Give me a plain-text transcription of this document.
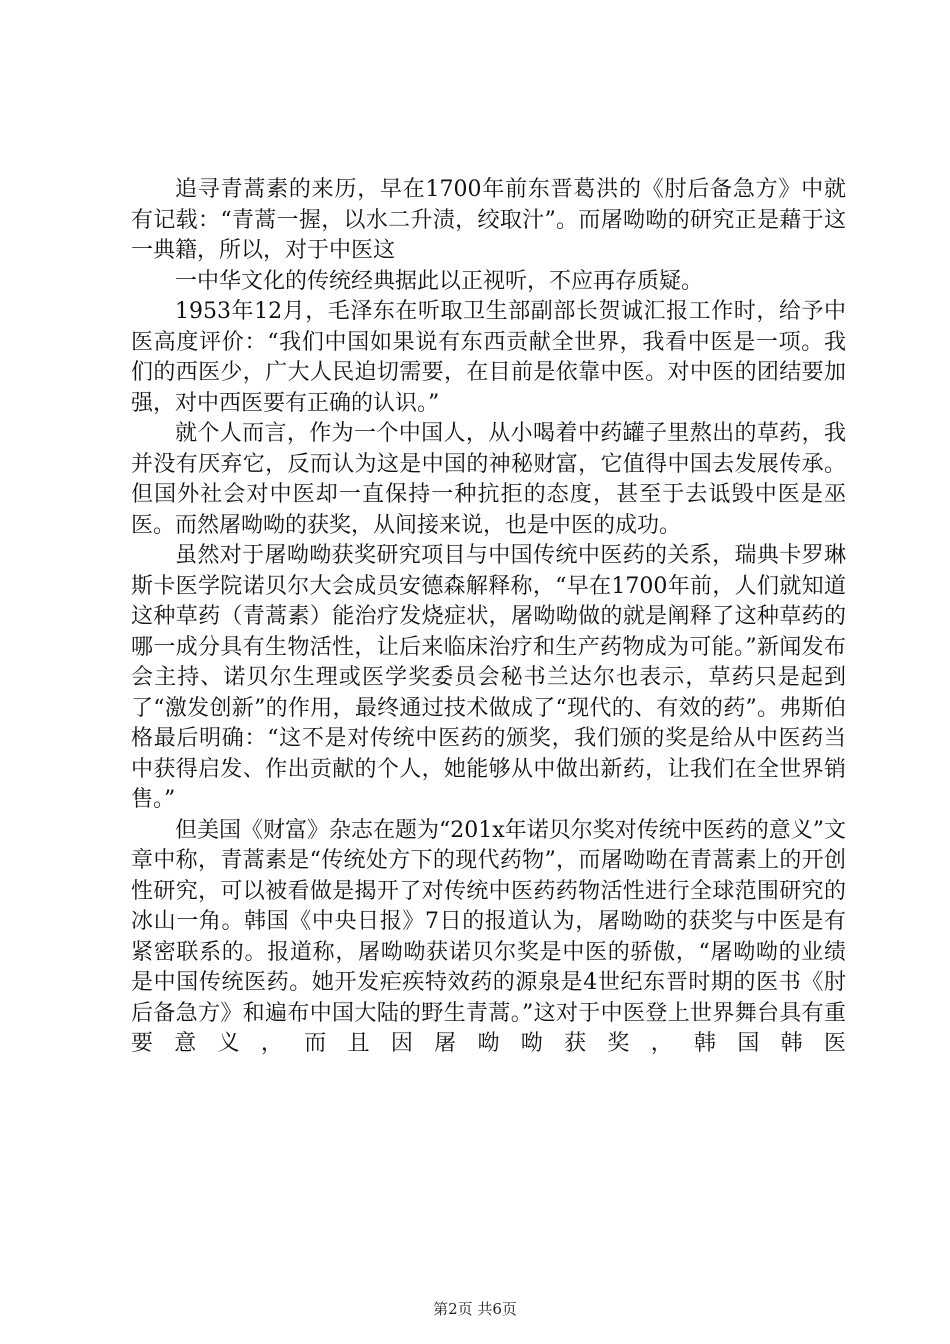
追寻青蒿素的来历，早在1700年前东晋葛洪的《肘后备急方》中就有记载：“青蒿一握，以水二升渍，绞取汁”。而屠呦呦的研究正是藉于这一典籍，所以，对于中医这

一中华文化的传统经典据此以正视听，不应再存质疑。

1953年12月，毛泽东在听取卫生部副部长贺诚汇报工作时，给予中医高度评价：“我们中国如果说有东西贡献全世界，我看中医是一项。我们的西医少，广大人民迫切需要，在目前是依靠中医。对中医的团结要加强，对中西医要有正确的认识。”

就个人而言，作为一个中国人，从小喝着中药罐子里熬出的草药，我并没有厌弃它，反而认为这是中国的神秘财富，它值得中国去发展传承。但国外社会对中医却一直保持一种抗拒的态度，甚至于去诋毁中医是巫医。而然屠呦呦的获奖，从间接来说，也是中医的成功。

虽然对于屠呦呦获奖研究项目与中国传统中医药的关系，瑞典卡罗琳斯卡医学院诺贝尔大会成员安德森解释称，“早在1700年前，人们就知道这种草药（青蒿素）能治疗发烧症状，屠呦呦做的就是阐释了这种草药的哪一成分具有生物活性，让后来临床治疗和生产药物成为可能。”新闻发布会主持、诺贝尔生理或医学奖委员会秘书兰达尔也表示，草药只是起到了“激发创新”的作用，最终通过技术做成了“现代的、有效的药”。弗斯伯格最后明确：“这不是对传统中医药的颁奖，我们颁的奖是给从中医药当中获得启发、作出贡献的个人，她能够从中做出新药，让我们在全世界销售。”

但美国《财富》杂志在题为“201x年诺贝尔奖对传统中医药的意义”文章中称，青蒿素是“传统处方下的现代药物”，而屠呦呦在青蒿素上的开创性研究，可以被看做是揭开了对传统中医药药物活性进行全球范围研究的冰山一角。韩国《中央日报》7日的报道认为，屠呦呦的获奖与中医是有紧密联系的。报道称，屠呦呦获诺贝尔奖是中医的骄傲，“屠呦呦的业绩是中国传统医药。她开发疟疾特效药的源泉是4世纪东晋时期的医书《肘后备急方》和遍布中国大陆的野生青蒿。”这对于中医登上世界舞台具有重要意义，而且因屠呦呦获奖，韩国韩医

第2页 共6页
